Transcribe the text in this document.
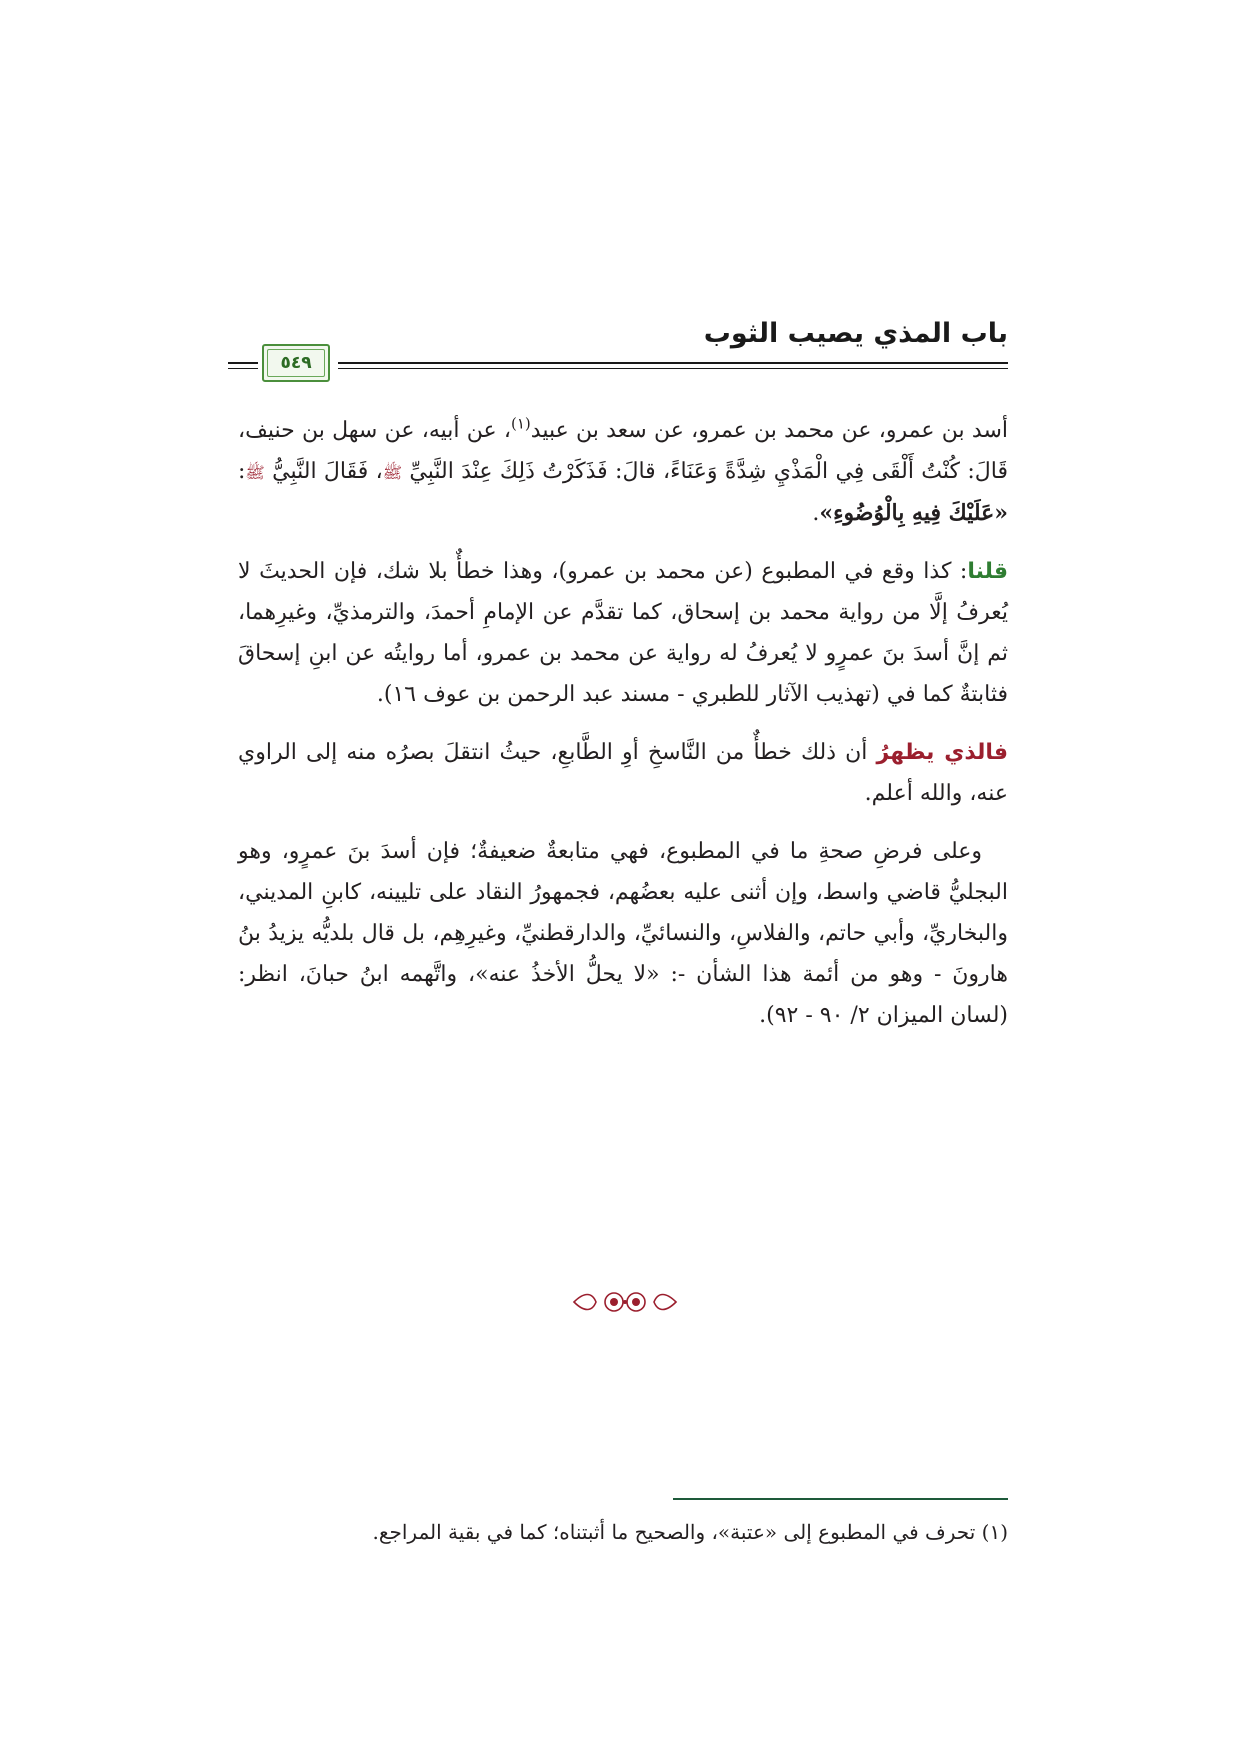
باب المذي يصيب الثوب
٥٤٩

أسد بن عمرو، عن محمد بن عمرو، عن سعد بن عبيد$^{(١)}$، عن أبيه، عن سهل بن حنيف، قَالَ: كُنْتُ أَلْقَى فِي الْمَذْيِ شِدَّةً وَعَنَاءً، قالَ: فَذَكَرْتُ ذَلِكَ عِنْدَ النَّبِيِّ ﷺ، فَقَالَ النَّبِيُّ ﷺ: «عَلَيْكَ فِيهِ بِالْوُضُوءِ».

قلنا: كذا وقع في المطبوع (عن محمد بن عمرو)، وهذا خطأٌ بلا شك، فإن الحديثَ لا يُعرفُ إلَّا من رواية محمد بن إسحاق، كما تقدَّم عن الإمامِ أحمدَ، والترمذيِّ، وغيرِهما، ثم إنَّ أسدَ بنَ عمرٍو لا يُعرفُ له رواية عن محمد بن عمرو، أما روايتُه عن ابنِ إسحاقَ فثابتةٌ كما في (تهذيب الآثار للطبري - مسند عبد الرحمن بن عوف ١٦).

فالذي يظهرُ أن ذلك خطأٌ من النَّاسخِ أوِ الطَّابعِ، حيثُ انتقلَ بصرُه منه إلى الراوي عنه، والله أعلم.

وعلى فرضِ صحةِ ما في المطبوع، فهي متابعةٌ ضعيفةٌ؛ فإن أسدَ بنَ عمرٍو، وهو البجليُّ قاضي واسط، وإن أثنى عليه بعضُهم، فجمهورُ النقاد على تليينه، كابنِ المديني، والبخاريِّ، وأبي حاتم، والفلاسِ، والنسائيِّ، والدارقطنيِّ، وغيرِهِم، بل قال بلديُّه يزيدُ بنُ هارونَ - وهو من أئمة هذا الشأن -: «لا يحلُّ الأخذُ عنه»، واتَّهمه ابنُ حبانَ، انظر: (لسان الميزان ٢/ ٩٠ - ٩٢).

(١) تحرف في المطبوع إلى «عتبة»، والصحيح ما أثبتناه؛ كما في بقية المراجع.
